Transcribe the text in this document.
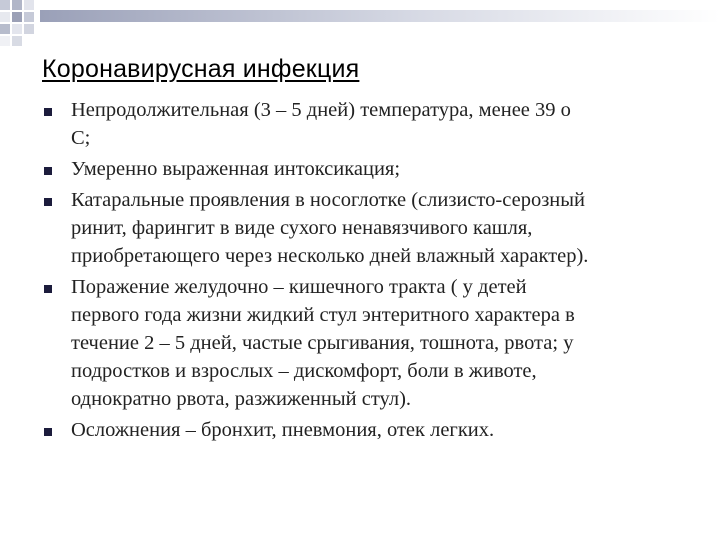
Коронавирусная инфекция
Непродолжительная (3 – 5 дней) температура, менее 39 о
С;
Умеренно выраженная интоксикация;
Катаральные проявления в носоглотке (слизисто-серозный
ринит, фарингит в виде сухого ненавязчивого кашля,
приобретающего через несколько дней влажный характер).
Поражение желудочно – кишечного тракта ( у детей
первого года жизни жидкий стул энтеритного характера в
течение 2 – 5 дней, частые срыгивания, тошнота, рвота; у
подростков и взрослых – дискомфорт, боли в животе,
однократно рвота, разжиженный стул).
Осложнения – бронхит, пневмония, отек легких.
